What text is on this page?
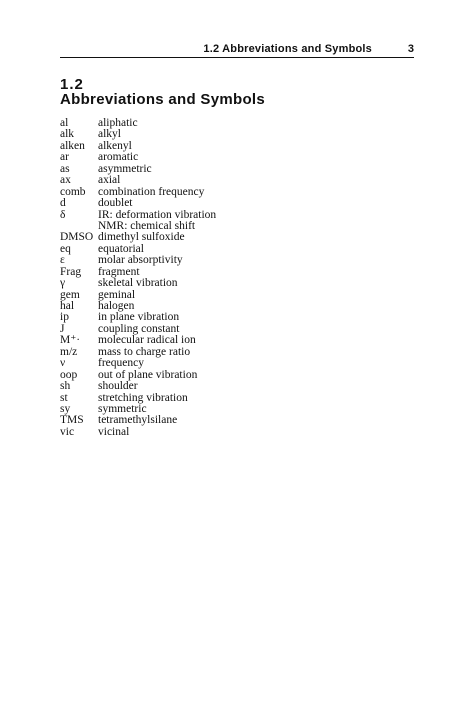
1.2 Abbreviations and Symbols	3
1.2
Abbreviations and Symbols
al	aliphatic
alk	alkyl
alken	alkenyl
ar	aromatic
as	asymmetric
ax	axial
comb	combination frequency
d	doublet
δ	IR: deformation vibration
NMR: chemical shift
DMSO dimethyl sulfoxide
eq	equatorial
ε	molar absorptivity
Frag	fragment
γ	skeletal vibration
gem	geminal
hal	halogen
ip	in plane vibration
J	coupling constant
M⁺·	molecular radical ion
m/z	mass to charge ratio
ν	frequency
oop	out of plane vibration
sh	shoulder
st	stretching vibration
sy	symmetric
TMS	tetramethylsilane
vic	vicinal
